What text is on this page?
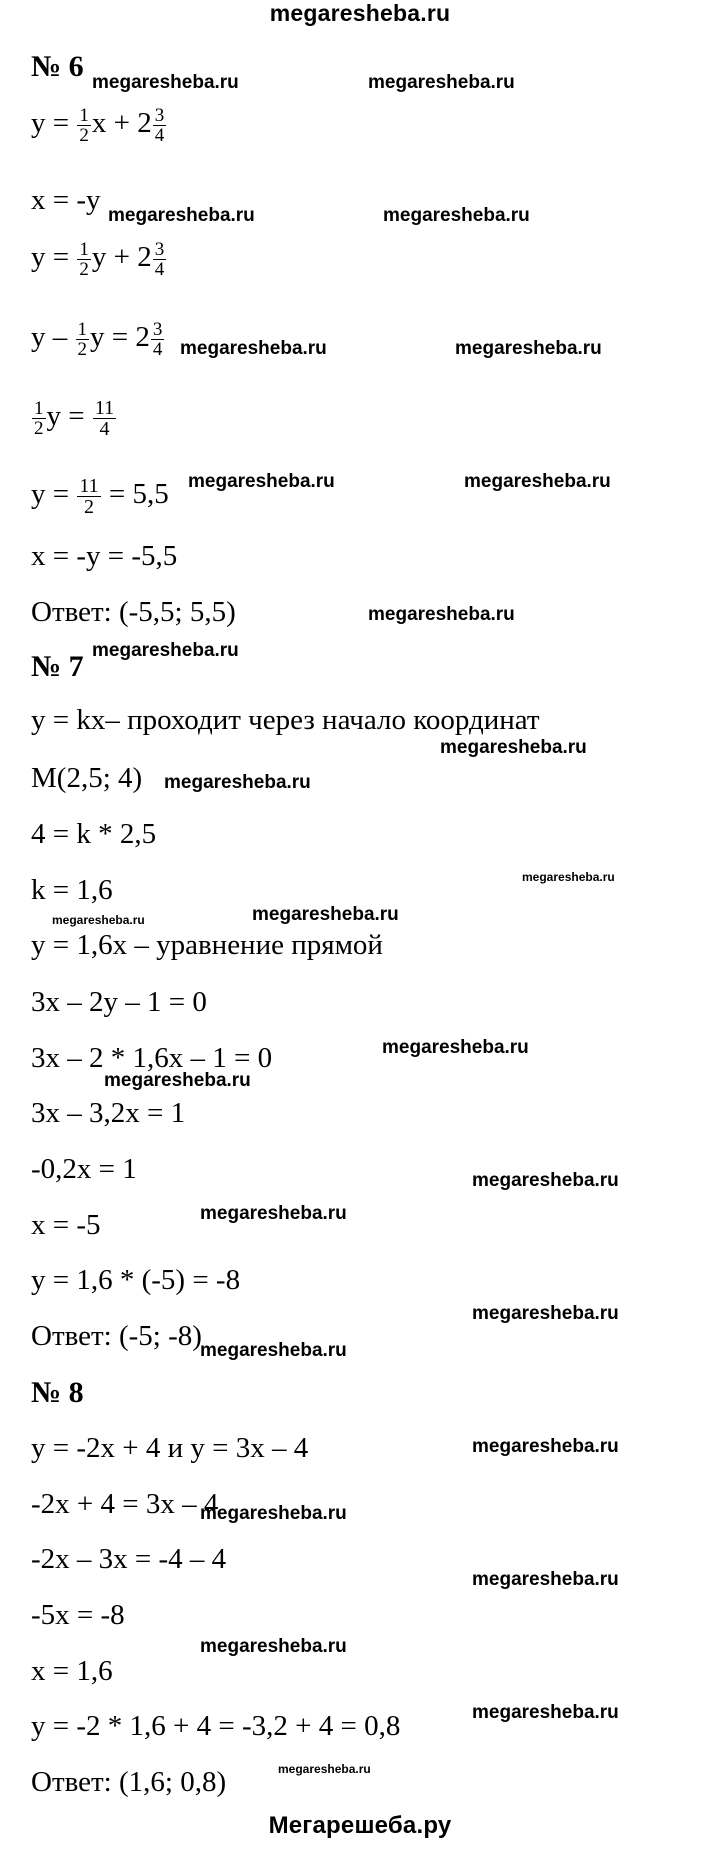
megaresheba.ru
№ 6
$y = \frac{1}{2}$ $x + 2 \frac{3}{4}$
x = -y
$y = \frac{1}{2}$ $y + 2 \frac{3}{4}$
y – $\frac{1}{2}$ $y = 2 \frac{3}{4}$
$\frac{1}{2}$ $y = \frac{11}{4}$
$y = \frac{11}{2} = 5,5$
x = -y = -5,5
Ответ: (-5,5; 5,5)
№ 7
y = kx– проходит через начало координат
M(2,5; 4)
4 = k * 2,5
k = 1,6
y = 1,6x – уравнение прямой
3x – 2y – 1 = 0
3x – 2 * 1,6x – 1 = 0
3x – 3,2x = 1
-0,2x = 1
x = -5
y = 1,6 * (-5) = -8
Ответ: (-5; -8)
№ 8
y = -2x + 4 и y = 3x – 4
-2x + 4 = 3x – 4
-2x – 3x = -4 – 4
-5x = -8
x = 1,6
y = -2 * 1,6 + 4 = -3,2 + 4 = 0,8
Ответ: (1,6; 0,8)
megaresheba.ru	megaresheba.ru
megaresheba.ru	megaresheba.ru
megaresheba.ru	megaresheba.ru
megaresheba.ru	megaresheba.ru
megaresheba.ru
megaresheba.ru
megaresheba.ru
megaresheba.ru
megaresheba.ru
megaresheba.ru	megaresheba.ru
megaresheba.ru
megaresheba.ru
megaresheba.ru
megaresheba.ru
megaresheba.ru
megaresheba.ru
megaresheba.ru
megaresheba.ru
megaresheba.ru
megaresheba.ru
megaresheba.ru
megaresheba.ru
Мегарешеба.ру
